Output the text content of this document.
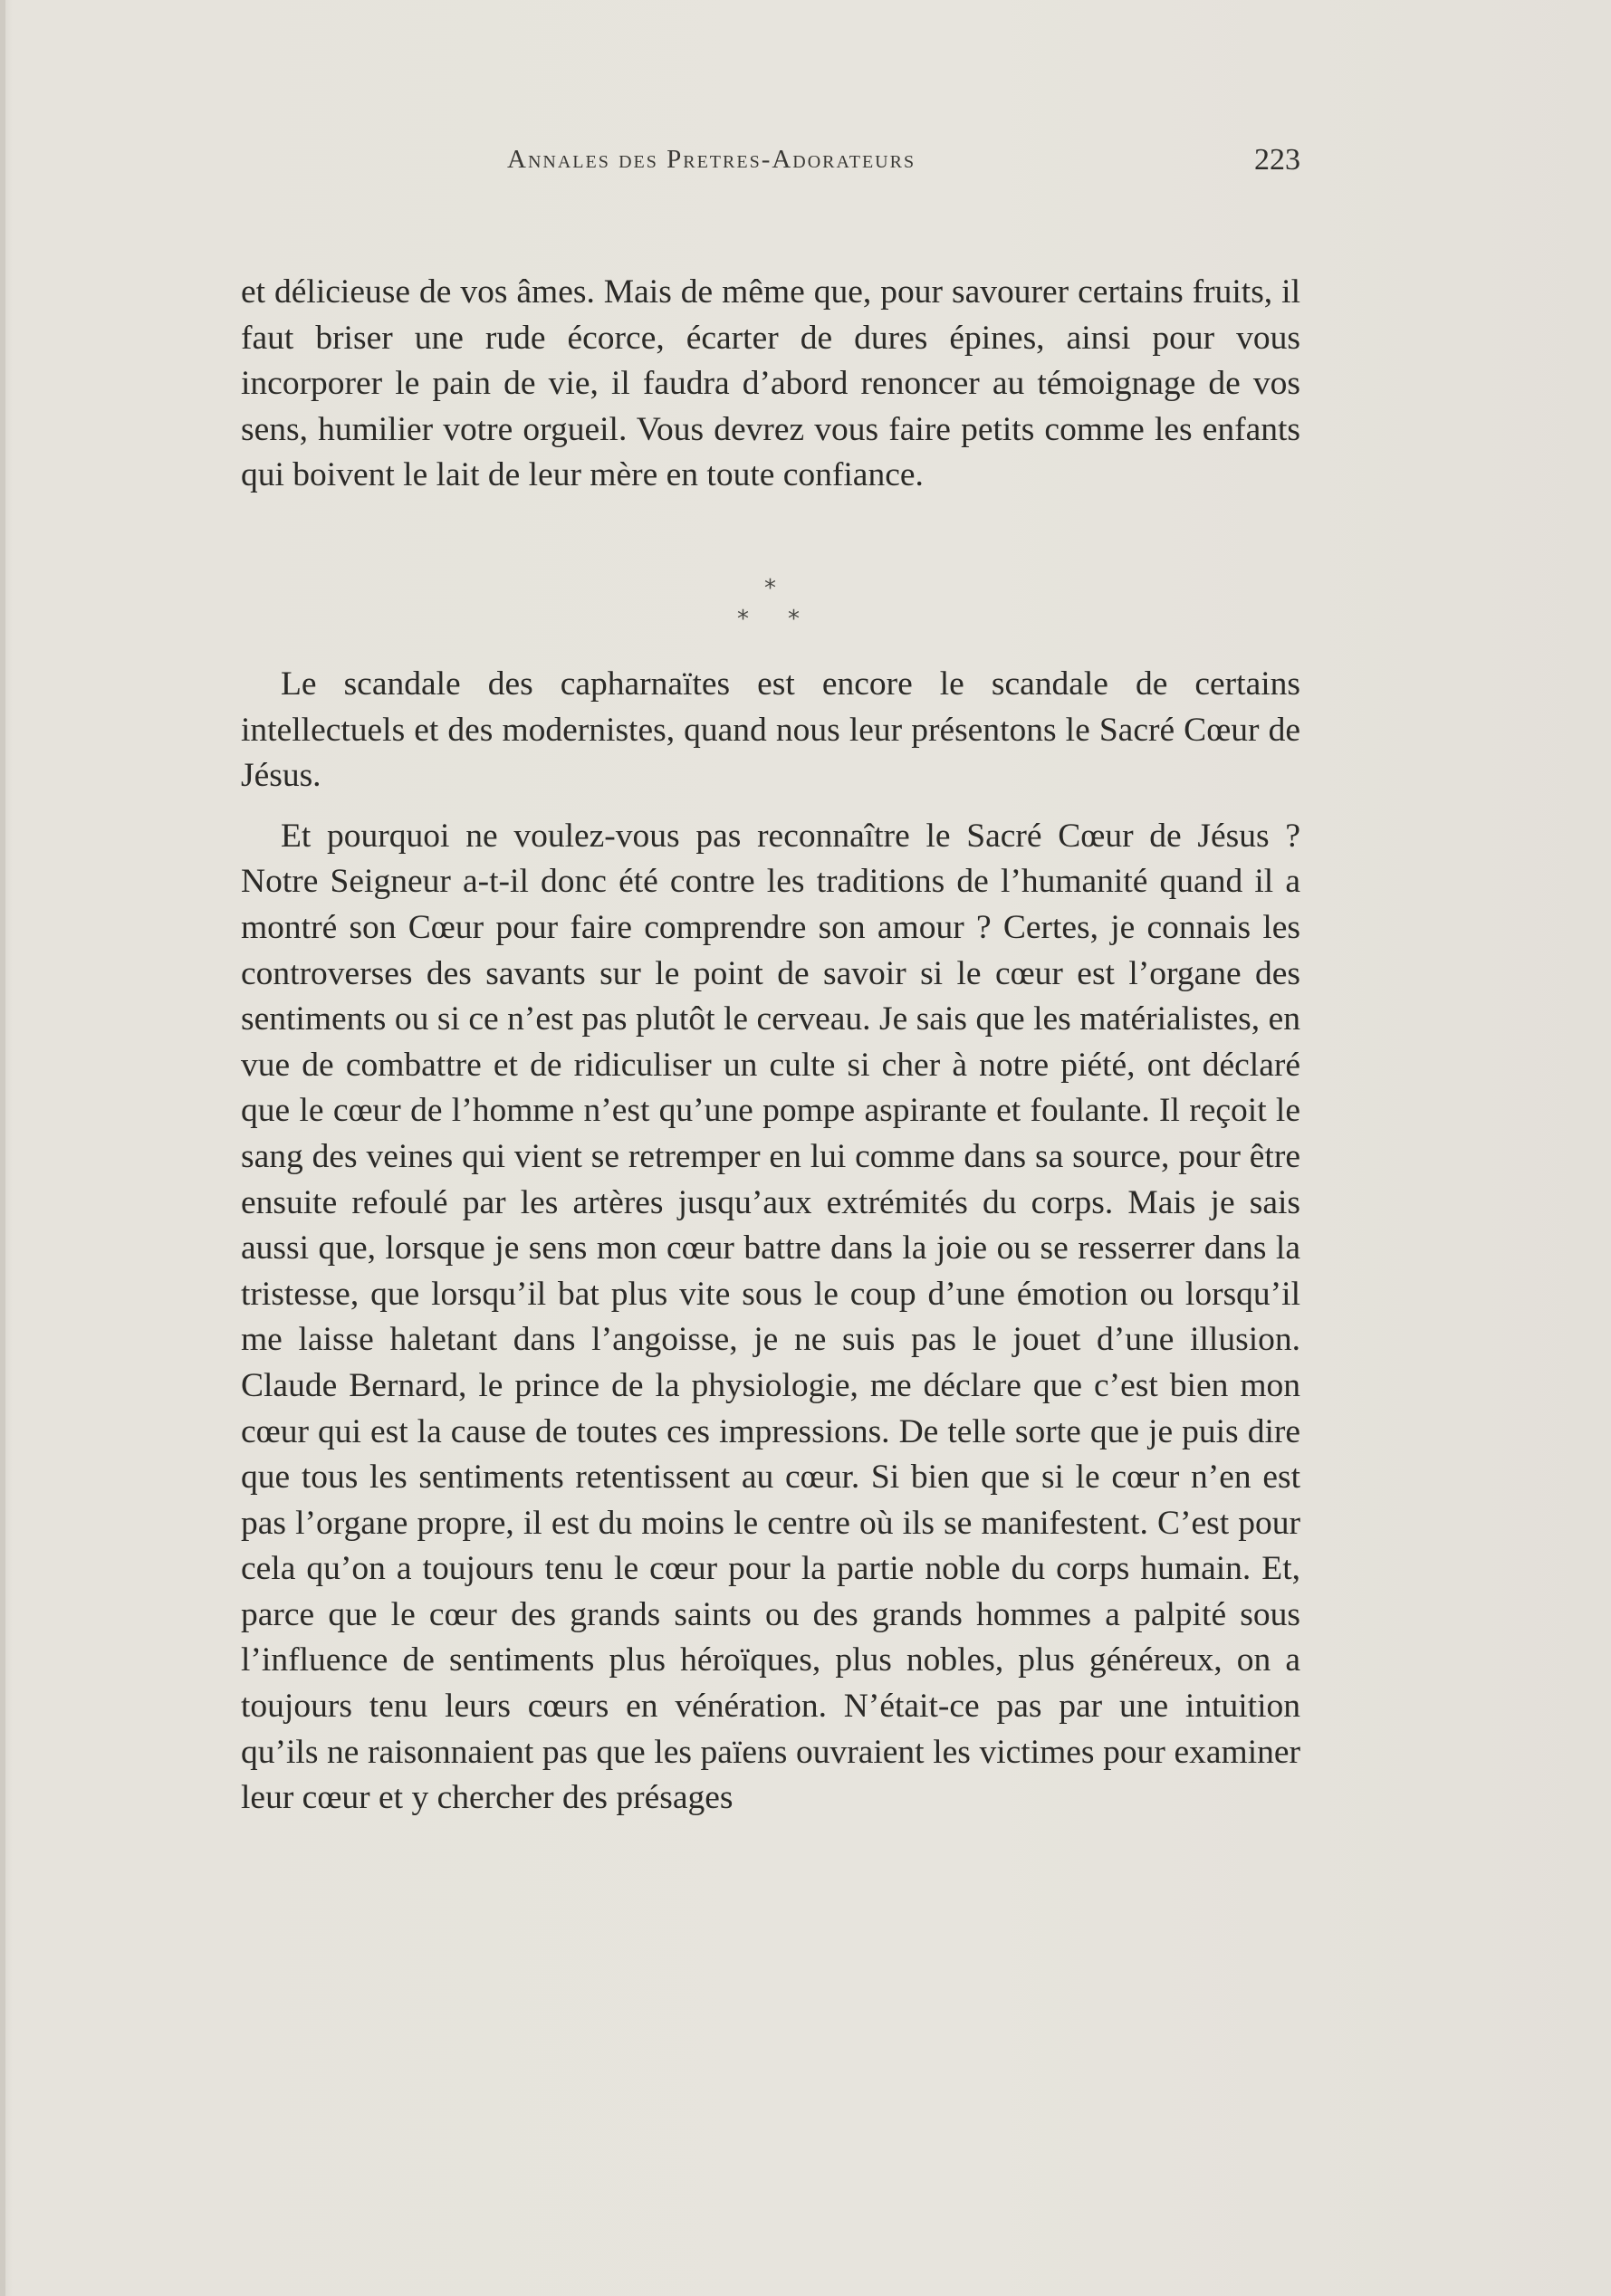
Annales des Pretres-Adorateurs	223

et délicieuse de vos âmes. Mais de même que, pour savourer certains fruits, il faut briser une rude écorce, écarter de dures épines, ainsi pour vous incorporer le pain de vie, il faudra d’abord renoncer au témoignage de vos sens, humilier votre orgueil. Vous devrez vous faire petits comme les enfants qui boivent le lait de leur mère en toute confiance.

*
* *

Le scandale des capharnaïtes est encore le scandale de certains intellectuels et des modernistes, quand nous leur présentons le Sacré Cœur de Jésus.

Et pourquoi ne voulez-vous pas reconnaître le Sacré Cœur de Jésus ? Notre Seigneur a-t-il donc été contre les traditions de l’humanité quand il a montré son Cœur pour faire comprendre son amour ? Certes, je connais les controverses des savants sur le point de savoir si le cœur est l’organe des sentiments ou si ce n’est pas plutôt le cerveau. Je sais que les matérialistes, en vue de combattre et de ridiculiser un culte si cher à notre piété, ont déclaré que le cœur de l’homme n’est qu’une pompe aspirante et foulante. Il reçoit le sang des veines qui vient se retremper en lui comme dans sa source, pour être ensuite refoulé par les artères jusqu’aux extrémités du corps. Mais je sais aussi que, lorsque je sens mon cœur battre dans la joie ou se resserrer dans la tristesse, que lorsqu’il bat plus vite sous le coup d’une émotion ou lorsqu’il me laisse haletant dans l’angoisse, je ne suis pas le jouet d’une illusion. Claude Bernard, le prince de la physiologie, me déclare que c’est bien mon cœur qui est la cause de toutes ces impressions. De telle sorte que je puis dire que tous les sentiments retentissent au cœur. Si bien que si le cœur n’en est pas l’organe propre, il est du moins le centre où ils se manifestent. C’est pour cela qu’on a toujours tenu le cœur pour la partie noble du corps humain. Et, parce que le cœur des grands saints ou des grands hommes a palpité sous l’influence de sentiments plus héroïques, plus nobles, plus généreux, on a toujours tenu leurs cœurs en vénération. N’était-ce pas par une intuition qu’ils ne raisonnaient pas que les païens ouvraient les victimes pour examiner leur cœur et y chercher des présages
